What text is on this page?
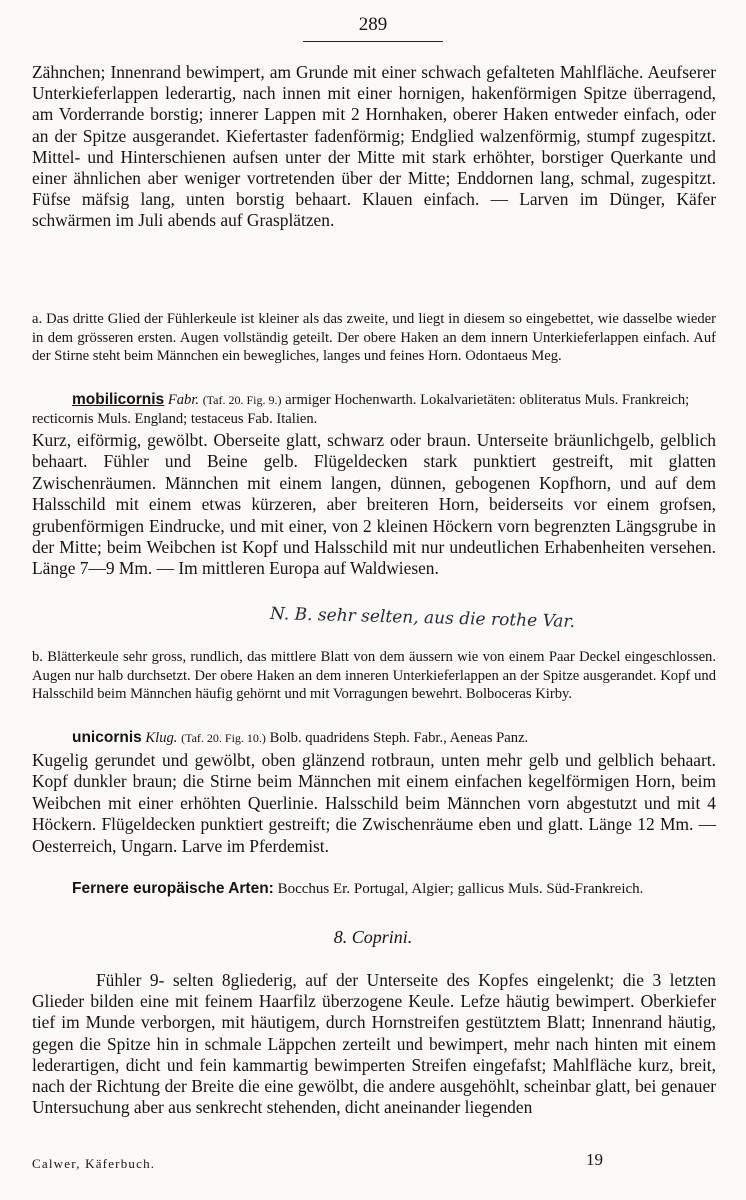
289
Zähnchen; Innenrand bewimpert, am Grunde mit einer schwach gefalteten Mahlfläche. Aeufserer Unterkieferlappen lederartig, nach innen mit einer hornigen, hakenförmigen Spitze überragend, am Vorderrande borstig; innerer Lappen mit 2 Hornhaken, oberer Haken entweder einfach, oder an der Spitze ausgerandet. Kiefertaster fadenförmig; Endglied walzenförmig, stumpf zugespitzt. Mittel- und Hinterschienen aufsen unter der Mitte mit stark erhöhter, borstiger Querkante und einer ähnlichen aber weniger vortretenden über der Mitte; Enddornen lang, schmal, zugespitzt. Füfse mäfsig lang, unten borstig behaart. Klauen einfach. — Larven im Dünger, Käfer schwärmen im Juli abends auf Grasplätzen.
a. Das dritte Glied der Fühlerkeule ist kleiner als das zweite, und liegt in diesem so eingebettet, wie dasselbe wieder in dem grösseren ersten. Augen vollständig geteilt. Der obere Haken an dem innern Unterkieferlappen einfach. Auf der Stirne steht beim Männchen ein bewegliches, langes und feines Horn. Odontaeus Meg.
mobilicornis Fabr. (Taf. 20. Fig. 9.) armiger Hochenwarth. Lokalvarietäten: obliteratus Muls. Frankreich; recticornis Muls. England; testaceus Fab. Italien.
Kurz, eiförmig, gewölbt. Oberseite glatt, schwarz oder braun. Unterseite bräunlichgelb, gelblich behaart. Fühler und Beine gelb. Flügeldecken stark punktiert gestreift, mit glatten Zwischenräumen. Männchen mit einem langen, dünnen, gebogenen Kopfhorn, und auf dem Halsschild mit einem etwas kürzeren, aber breiteren Horn, beiderseits vor einem grofsen, grubenförmigen Eindrucke, und mit einer, von 2 kleinen Höckern vorn begrenzten Längsgrube in der Mitte; beim Weibchen ist Kopf und Halsschild mit nur undeutlichen Erhabenheiten versehen. Länge 7—9 Mm. — Im mittleren Europa auf Waldwiesen.
N. B. sehr selten, aus die rothe Var.
b. Blätterkeule sehr gross, rundlich, das mittlere Blatt von dem äussern wie von einem Paar Deckel eingeschlossen. Augen nur halb durchsetzt. Der obere Haken an dem inneren Unterkieferlappen an der Spitze ausgerandet. Kopf und Halsschild beim Männchen häufig gehörnt und mit Vorragungen bewehrt. Bolboceras Kirby.
unicornis Klug. (Taf. 20. Fig. 10.) Bolb. quadridens Steph. Fabr., Aeneas Panz.
Kugelig gerundet und gewölbt, oben glänzend rotbraun, unten mehr gelb und gelblich behaart. Kopf dunkler braun; die Stirne beim Männchen mit einem einfachen kegelförmigen Horn, beim Weibchen mit einer erhöhten Querlinie. Halsschild beim Männchen vorn abgestutzt und mit 4 Höckern. Flügeldecken punktiert gestreift; die Zwischenräume eben und glatt. Länge 12 Mm. — Oesterreich, Ungarn. Larve im Pferdemist.
Fernere europäische Arten: Bocchus Er. Portugal, Algier; gallicus Muls. Süd-Frankreich.
8. Coprini.
Fühler 9- selten 8gliederig, auf der Unterseite des Kopfes eingelenkt; die 3 letzten Glieder bilden eine mit feinem Haarfilz überzogene Keule. Lefze häutig bewimpert. Oberkiefer tief im Munde verborgen, mit häutigem, durch Hornstreifen gestütztem Blatt; Innenrand häutig, gegen die Spitze hin in schmale Läppchen zerteilt und bewimpert, mehr nach hinten mit einem lederartigen, dicht und fein kammartig bewimperten Streifen eingefafst; Mahlfläche kurz, breit, nach der Richtung der Breite die eine gewölbt, die andere ausgehöhlt, scheinbar glatt, bei genauer Untersuchung aber aus senkrecht stehenden, dicht aneinander liegenden
Calwer, Käferbuch.	19
